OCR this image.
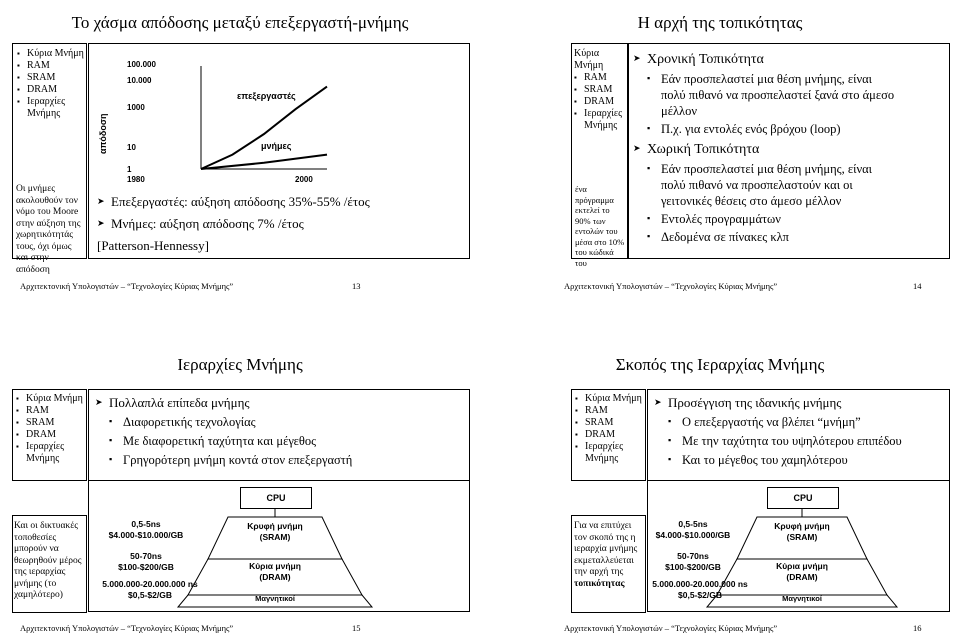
Το χάσμα απόδοσης μεταξύ επεξεργαστή-μνήμης
▪ Κύρια Μνήμη
▪ RAM
▪ SRAM
▪ DRAM
▪ Ιεραρχίες Μνήμης
Οι μνήμες ακολουθούν τον νόμο του Moore στην αύξηση της χωρητικότητάς τους, όχι όμως και στην απόδοση
απόδοση
100.000
10.000
1000
10
1
1980	2000
επεξεργαστές
μνήμες
➤ Επεξεργαστές: αύξηση απόδοσης 35%-55% /έτος
➤ Μνήμες: αύξηση απόδοσης 7% /έτος
[Patterson-Hennessy]
Αρχιτεκτονική Υπολογιστών – “Τεχνολογίες Κύριας Μνήμης”	13
Η αρχή της τοπικότητας
Κύρια Μνήμη
▪ RAM
▪ SRAM
▪ DRAM
▪ Ιεραρχίες Μνήμης
ένα πρόγραμμα εκτελεί το 90% των εντολών του μέσα στο 10% του κώδικά του
➤ Χρονική Τοπικότητα
▪ Εάν προσπελαστεί μια θέση μνήμης, είναι
πολύ πιθανό να προσπελαστεί ξανά στο άμεσο
μέλλον
▪ Π.χ. για εντολές ενός βρόχου (loop)
➤ Χωρική Τοπικότητα
▪ Εάν προσπελαστεί μια θέση μνήμης, είναι
πολύ πιθανό να προσπελαστούν και οι
γειτονικές θέσεις στο άμεσο μέλλον
▪ Εντολές προγραμμάτων
▪ Δεδομένα σε πίνακες κλπ
Αρχιτεκτονική Υπολογιστών – “Τεχνολογίες Κύριας Μνήμης”	14
Ιεραρχίες Μνήμης
▪ Κύρια Μνήμη
▪ RAM
▪ SRAM
▪ DRAM
▪ Ιεραρχίες Μνήμης
Και οι δικτυακές τοποθεσίες μπορούν να θεωρηθούν μέρος της ιεραρχίας μνήμης (το χαμηλότερο)
➤ Πολλαπλά επίπεδα μνήμης
▪ Διαφορετικής τεχνολογίας
▪ Με διαφορετική ταχύτητα και μέγεθος
▪ Γρηγορότερη μνήμη κοντά στον επεξεργαστή
CPU
0,5-5ns
$4.000-$10.000/GB
50-70ns
$100-$200/GB
5.000.000-20.000.000 ns
$0,5-$2/GB
Κρυφή μνήμη
(SRAM)
Κύρια μνήμη
(DRAM)
Μαγνητικοί
Αρχιτεκτονική Υπολογιστών – “Τεχνολογίες Κύριας Μνήμης”	15
Σκοπός της Ιεραρχίας Μνήμης
▪ Κύρια Μνήμη
▪ RAM
▪ SRAM
▪ DRAM
▪ Ιεραρχίες Μνήμης
Για να επιτύχει τον σκοπό της η ιεραρχία μνήμης εκμεταλλεύεται την αρχή της τοπικότητας
➤ Προσέγγιση της ιδανικής μνήμης
▪ Ο επεξεργαστής να βλέπει “μνήμη”
▪ Με την ταχύτητα του υψηλότερου επιπέδου
▪ Και το μέγεθος του χαμηλότερου
CPU
0,5-5ns
$4.000-$10.000/GB
50-70ns
$100-$200/GB
5.000.000-20.000.000 ns
$0,5-$2/GB
Κρυφή μνήμη
(SRAM)
Κύρια μνήμη
(DRAM)
Μαγνητικοί
Αρχιτεκτονική Υπολογιστών – “Τεχνολογίες Κύριας Μνήμης”	16
